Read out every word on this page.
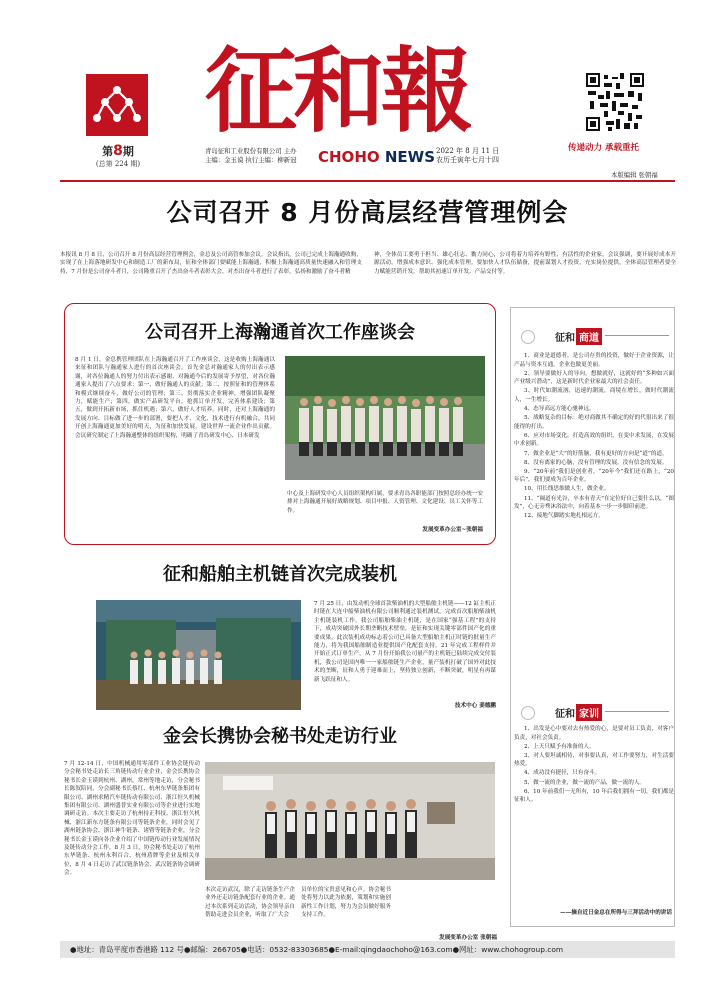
第8期
(总第 224 期)
征和報
传递动力 承载重托
青岛征和工业股份有限公司 主办
主编：金玉谟 执行主编：柳新冠	CHOHO NEWS 2022 年 8 月 11 日
农历壬寅年七月十四
本版编辑 张朝福
公司召开 8 月份高层经营管理例会
本报讯 8 月 8 日，公司召开 8 月份高层经营管理例会，金总及公司高管参加会议。会议指出，公司已完成上海瀚通收购，实现了在上海落地研发中心和制造工厂的新布局，征和全体部门要赋能上海瀚通，积极上海瀚通高质量快速融入和管理支持，7 月份是公司奋斗者月，公司隆重召开了杰出奋斗者表彰大会，对杰出奋斗者进行了表彰，弘扬和激励了奋斗者精
神，全体员工要勇于担当、雄心壮志、勠力同心，公司将着力培养有野性、有活性的企业家。会议强调，要开展好成本开源活动，增强成本意识、强化成本管理。要加快人才队伍储备，提前谋划人才投资，充实岗位提供，全体高层管理者要全力赋能营销开发，帮助其初速订单开发、产品交付等。
公司召开上海瀚通首次工作座谈会
8 月 1 日，金总携管理团队在上海瀚通召开了工作座谈会，这是收购上海瀚通以来征和团队与瀚通家人进行的首次座谈会。首先金总对瀚通家人的付出表示感谢，对各位瀚通人的努力付出表示感谢，对瀚通今后的发展寄予厚望，对各位瀚通家人提出了六点要求：第一，做好瀚通人的贡献；第二，按照征和的管理体系和模式继续奋斗，做好公司的管理；第三，贯彻落实企业精神，增强团队凝聚力，赋能生产；第四，做实产品研发平台，抢抓订单开发，完善体系建设；第五，做到开拓新市场，抓住机遇；第六，做好人才培养。同时，还对上海瀚通的发展方向、目标做了进一步的部署，要把人才、文化、技术进行有机融合，共同开创上海瀚通更加美好的明天，为征和加快发展，建设世界一流企业作出贡献。会议研究制定了上海瀚通整体的组织架构，明确了青岛研发中心、日本研发
中心及上海研发中心人员组织架构归属，要求青岛各职能部门按照总经办统一安排对上海瀚通开展好战略规划、项目申报、人资管理、文化建设、员工关怀等工作。
发展变革办公室~张朝福
征和船舶主机链首次完成装机
7 月 25 日，由发动机全球首款柴油机的大型船舶主机链——12 缸主机正时链在大连中船柴油机有限公司顺利通过装机测试，完成首次船舶柴油机主机链装机工作。我公司船舶柴油主机链，是在国家“强基工程”的支持下，成功突破国外长期垄断技术壁垒，是征和实现关键零部件国产化的重要成果。此次装机成功标志着公司已具备大型船舶主机正时链的批量生产能力，将为我国船舶制造业提供国产化配套支持。21 年完成工程样件并开始正式订单生产，从 7 月份开始我公司量产的主机链已陆续完成交付装机，我公司是国内唯一一家船舶链生产企业，量产装机打破了国外对此技术的垄断，征和人勇于迎难而上，坚持独立创新，不断突破，明星有再谋新飞跃征和人。
技术中心 姜德鹏
金会长携协会秘书处走访行业
7 月 12-14 日，中国机械通用零部件工业协会链传动分会秘书处走访长三角链传动行业企业，金会长携协会秘书长金玉谟到杭州、湖州、常州等地走访，分会秘书长陈叙陪同，分会副秘书长蔡红、杭州东华链条集团有限公司、湖州求精汽车链传动有限公司、浙江恒久机械集团有限公司、湖州盛普实业有限公司等企业进行实地调研走访。本次主要走访了杭州持正科技、浙江恒久机械、浙江新东方链条有限公司等链条企业，同时会见了湖州链条协会、浙江神牛链条、诸暨等链条企业，分会秘书长金玉谟向各企业介绍了中国链传动行业发展情况及链传动分会工作。8 月 3 日，协会秘书处走访了杭州东华链条、杭州永利百合、杭州盾牌等企业及相关单位，8 月 4 日走访了武汉链条协会、武汉链条协会调研会。
本次走访武汉，除了走访链条生产企业外还走访链条配套行业的企业。通过本次系列走访活动，协会领导亲自帮助走进会员企业，听取了广大会
员单位的宝贵意见和心声。协会秘书处将努力以此为依据，策划和实施创新性工作计划，努力为会员做好服务支持工作。
发展变革办公室 张朝福
征和 商道
征和 家训

1、商业是道德者，是公司存贵的投资，做好于企业资源，让产品与资本互通，企业也做更美丽。

2、领导要做好人的导向，想做就好，这就好的“多种如兴面产业级兴潜动”，这是新时代企业家最大的社会责任。

3、时代如潮流汹，迅速的潮流，商境在增长，做时代潮流人，一生增长。

4、态导高远方能心驰神远。

5、战略复杂的目标：绝对商做其不确定的好的代很出来了很能得的打出。

6、应对市场变化，打造高效的组织，在变中求发展，在发展中求创新。

7、做企业是“大”的好筋脑，我有更好的方向是“道”的道。

8、没有离家的心脑，没有管理的发展，没有信念的发展。

9、“20年前”我们是创业者，“20年今”我们还在路上，“20年后”，我们要成为百年企业。

10、用长线思维做人生，做企业。

11、“阔道有光谷，卒本有青天”在定位好自己要什么以，“图发”，心无旁骛沐浴法中，向着基本一步一步脚印前进。

12、接地气脚踏实地扎根远方。

1、出发是心中要对去有热爱的心，是要对员工负责，对客户负责，对社会负责。

2、上天只赋予有准备的人。

3、对人要坦诚相待，对事要认真，对工作要努力，对生活要热爱。

4、成功没有捷径，只有奋斗。

5、做一流的企业，做一流的产品，做一流的人。

6、10 年前我们一无所有，10 年后我们拥有一切，我们都是征和人。

——摘自近日金总在所得与三拜活动中的讲话
●地址：青岛平度市香港路 112 号●邮编：266705●电话：0532-83303685●E-mail:qingdaochoho@163.com●网址：www.chohogroup.com
